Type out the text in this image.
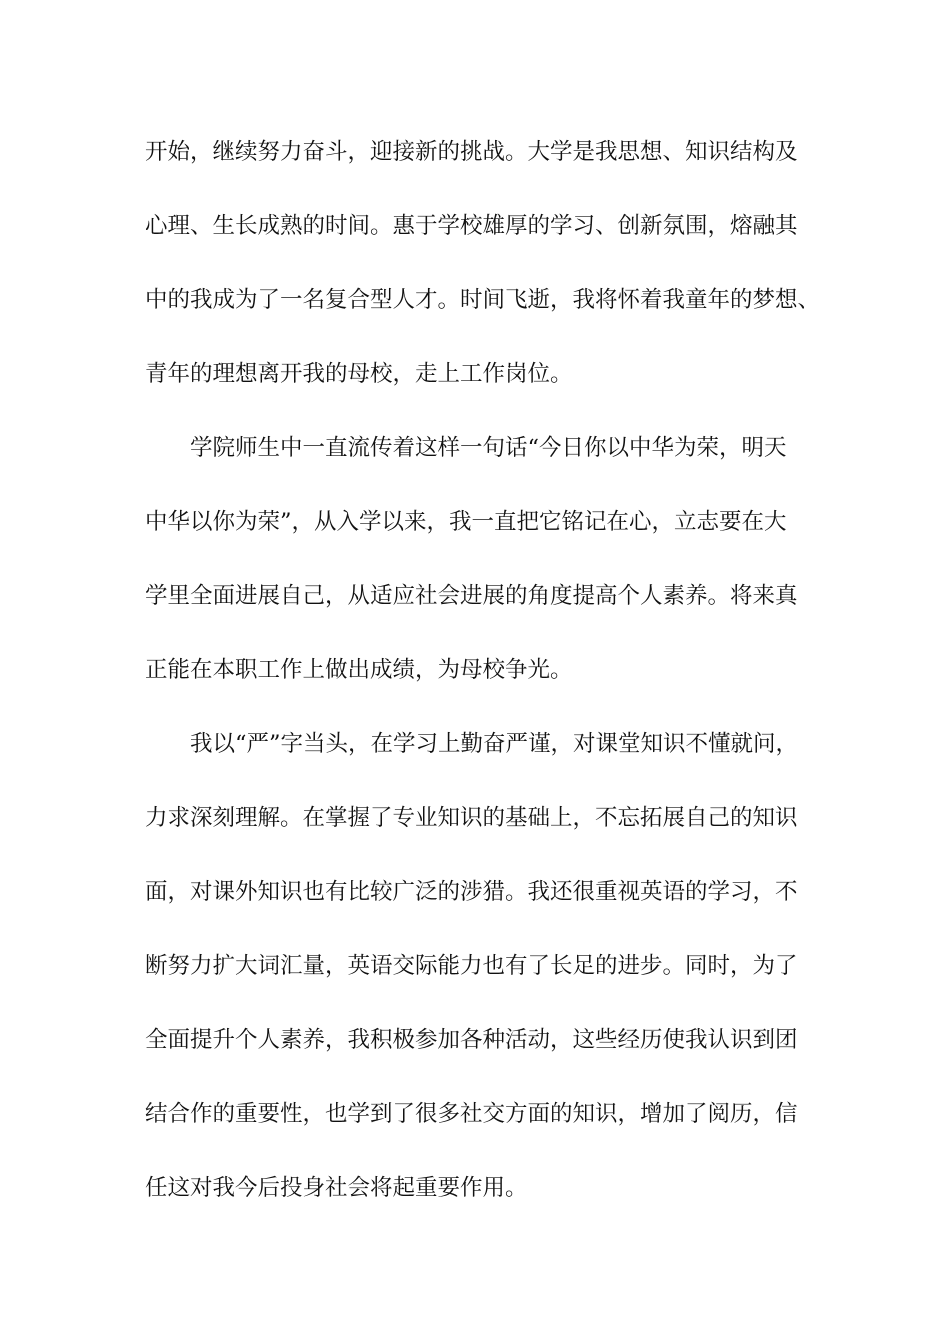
开始，继续努力奋斗，迎接新的挑战。大学是我思想、知识结构及
心理、生长成熟的时间。惠于学校雄厚的学习、创新氛围，熔融其
中的我成为了一名复合型人才。时间飞逝，我将怀着我童年的梦想、
青年的理想离开我的母校，走上工作岗位。
学院师生中一直流传着这样一句话“今日你以中华为荣，明天
中华以你为荣”，从入学以来，我一直把它铭记在心，立志要在大
学里全面进展自己，从适应社会进展的角度提高个人素养。将来真
正能在本职工作上做出成绩，为母校争光。
我以“严”字当头，在学习上勤奋严谨，对课堂知识不懂就问，
力求深刻理解。在掌握了专业知识的基础上，不忘拓展自己的知识
面，对课外知识也有比较广泛的涉猎。我还很重视英语的学习，不
断努力扩大词汇量，英语交际能力也有了长足的进步。同时，为了
全面提升个人素养，我积极参加各种活动，这些经历使我认识到团
结合作的重要性，也学到了很多社交方面的知识，增加了阅历，信
任这对我今后投身社会将起重要作用。
